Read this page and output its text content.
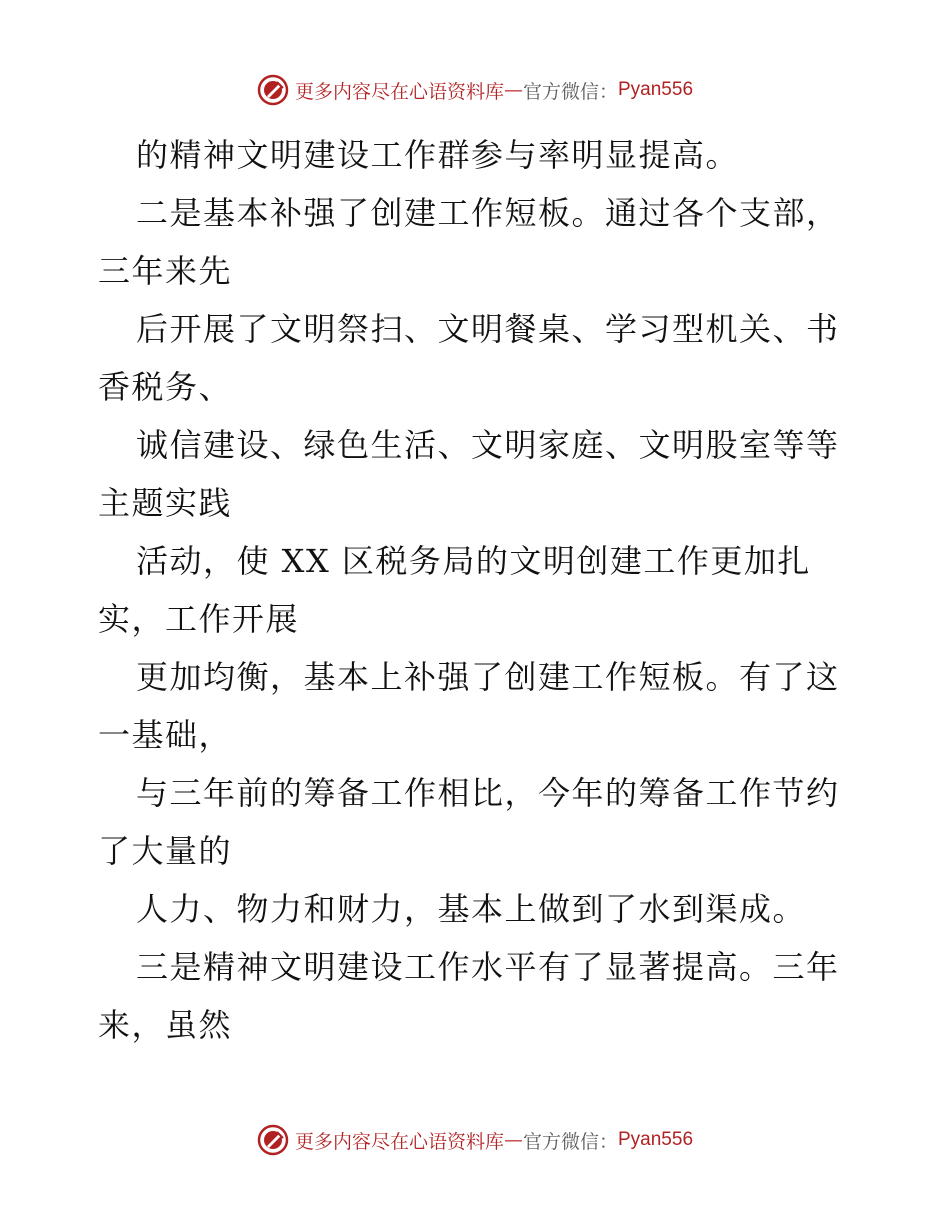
更多内容尽在心语资料库 — 官方微信： Pyan556
的精神文明建设工作群参与率明显提高。
二是基本补强了创建工作短板。通过各个支部，
三年来先
后开展了文明祭扫、文明餐桌、学习型机关、书
香税务、
诚信建设、绿色生活、文明家庭、文明股室等等
主题实践
活动，使 XX 区税务局的文明创建工作更加扎
实，工作开展
更加均衡，基本上补强了创建工作短板。有了这
一基础，
与三年前的筹备工作相比，今年的筹备工作节约
了大量的
人力、物力和财力，基本上做到了水到渠成。
三是精神文明建设工作水平有了显著提高。三年
来，虽然
更多内容尽在心语资料库 — 官方微信： Pyan556
